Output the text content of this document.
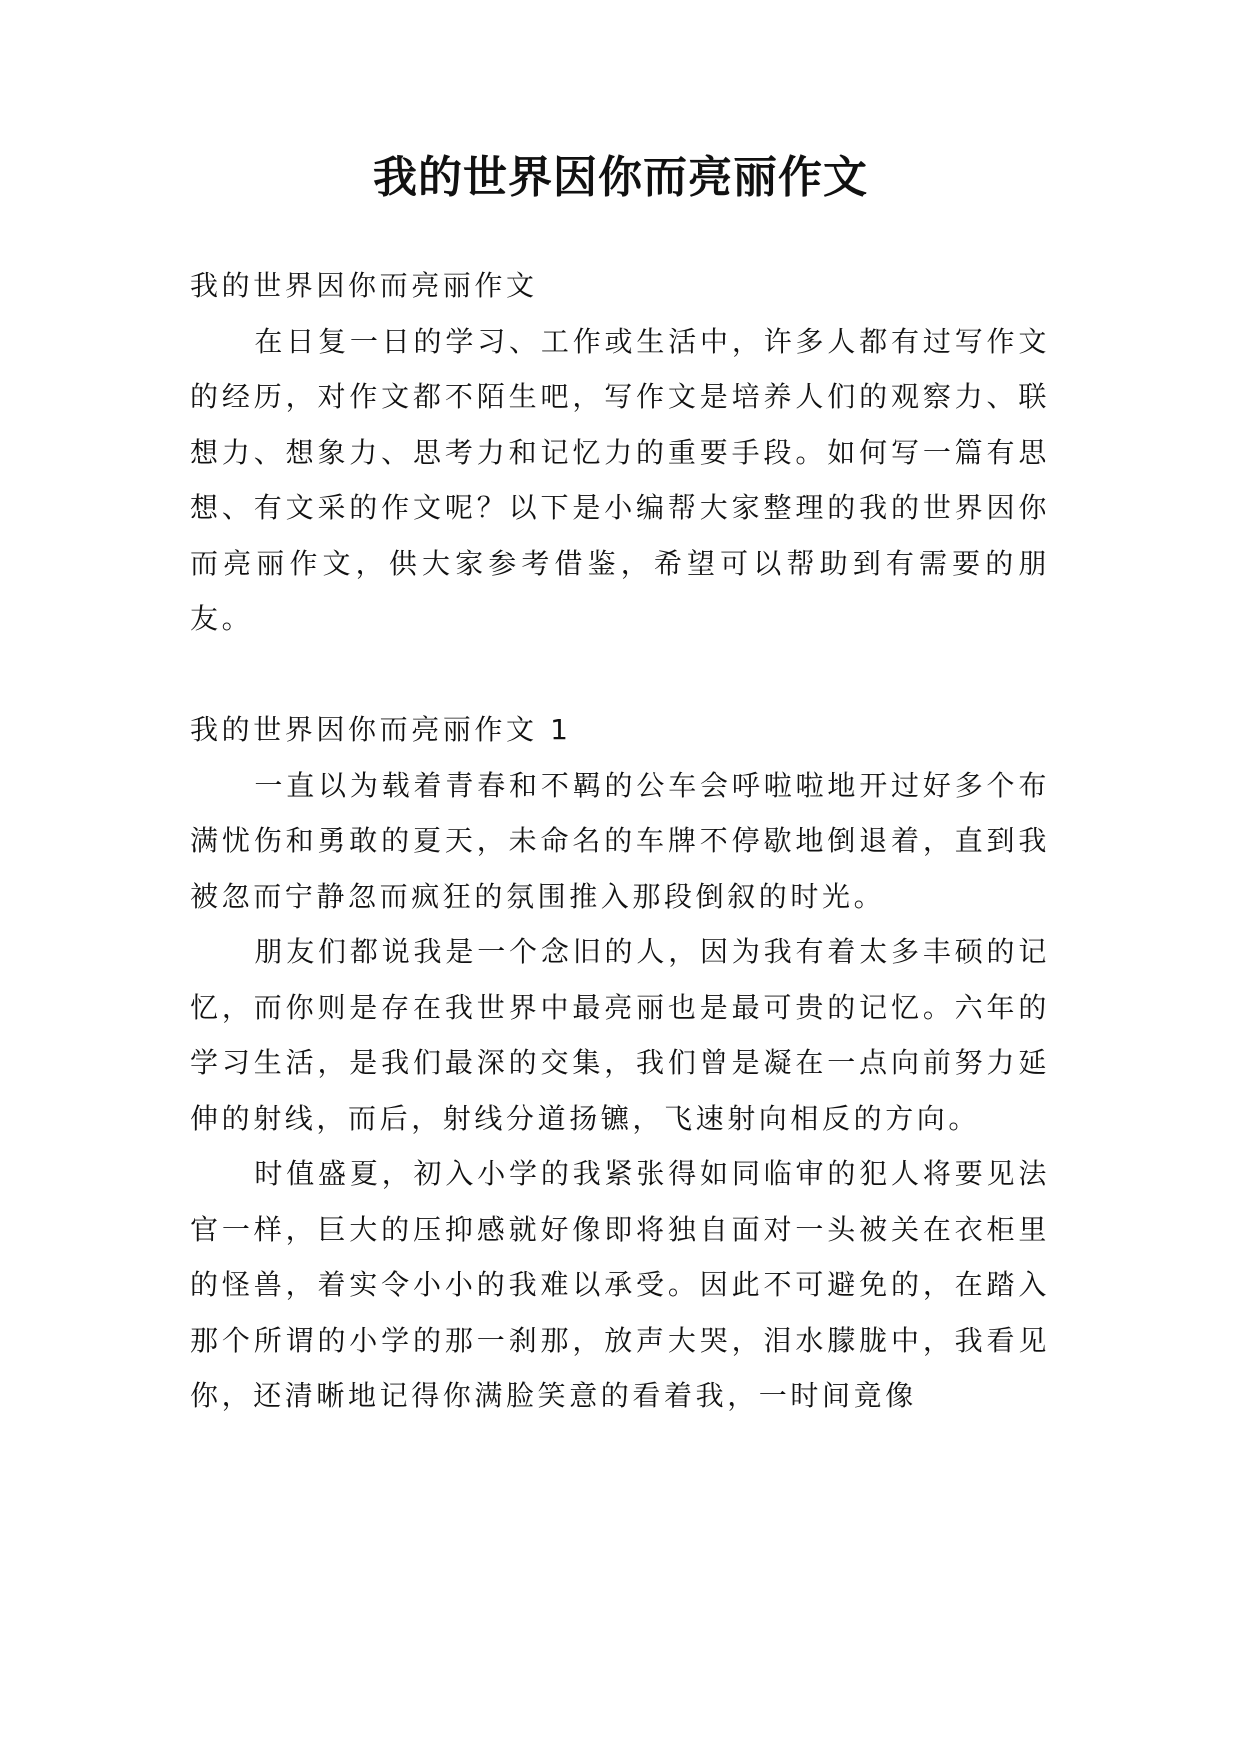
我的世界因你而亮丽作文

我的世界因你而亮丽作文

在日复一日的学习、工作或生活中，许多人都有过写作文的经历，对作文都不陌生吧，写作文是培养人们的观察力、联想力、想象力、思考力和记忆力的重要手段。如何写一篇有思想、有文采的作文呢？以下是小编帮大家整理的我的世界因你而亮丽作文，供大家参考借鉴，希望可以帮助到有需要的朋友。

我的世界因你而亮丽作文 1

一直以为载着青春和不羁的公车会呼啦啦地开过好多个布满忧伤和勇敢的夏天，未命名的车牌不停歇地倒退着，直到我被忽而宁静忽而疯狂的氛围推入那段倒叙的时光。

朋友们都说我是一个念旧的人，因为我有着太多丰硕的记忆，而你则是存在我世界中最亮丽也是最可贵的记忆。六年的学习生活，是我们最深的交集，我们曾是凝在一点向前努力延伸的射线，而后，射线分道扬镳，飞速射向相反的方向。

时值盛夏，初入小学的我紧张得如同临审的犯人将要见法官一样，巨大的压抑感就好像即将独自面对一头被关在衣柜里的怪兽，着实令小小的我难以承受。因此不可避免的，在踏入那个所谓的小学的那一刹那，放声大哭，泪水朦胧中，我看见你，还清晰地记得你满脸笑意的看着我，一时间竟像
